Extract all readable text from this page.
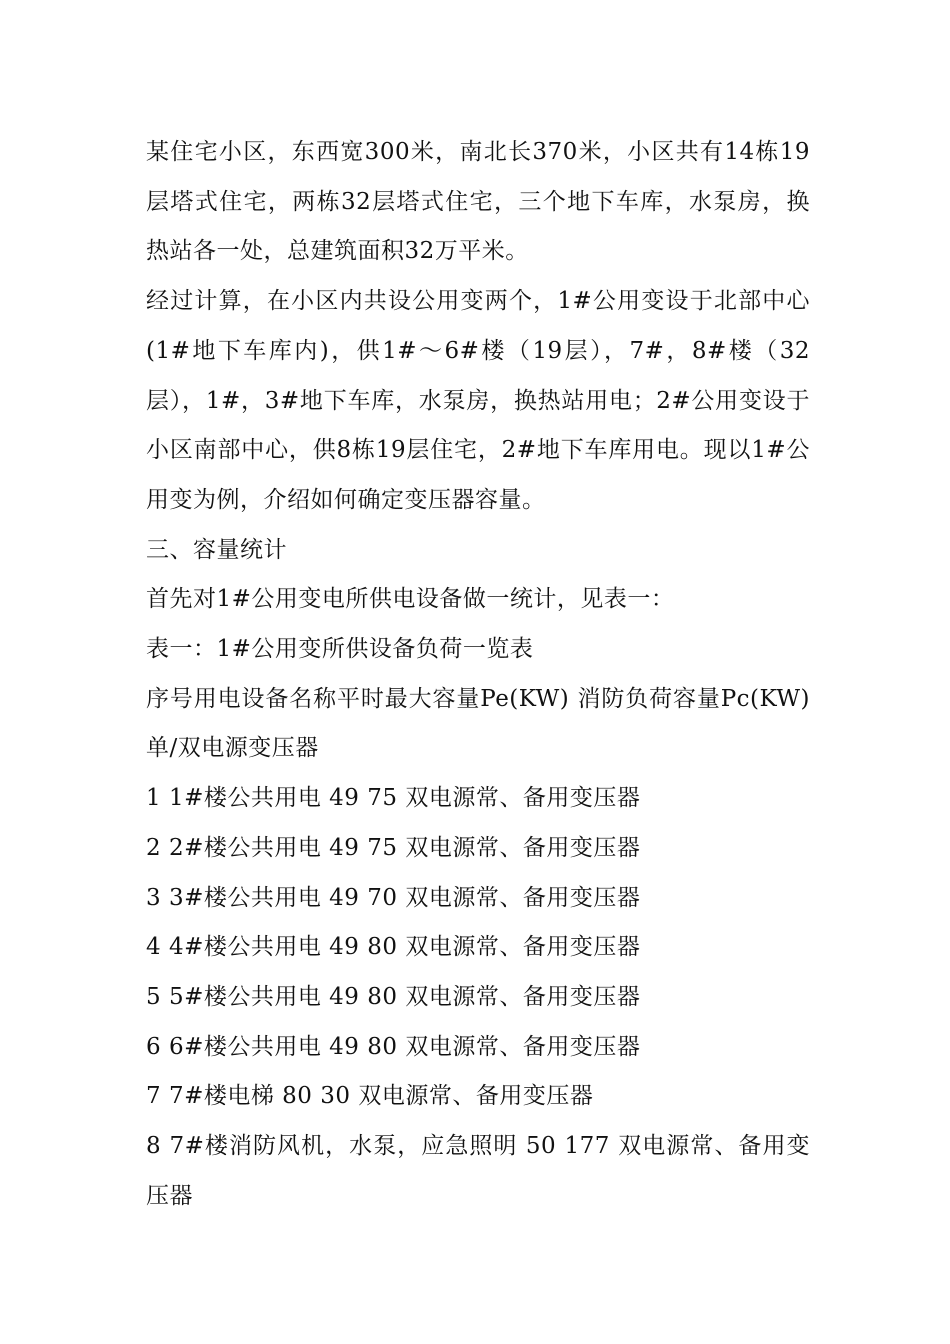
某住宅小区，东西宽300米，南北长370米，小区共有14栋19层塔式住宅，两栋32层塔式住宅，三个地下车库，水泵房，换热站各一处，总建筑面积32万平米。

经过计算，在小区内共设公用变两个，1#公用变设于北部中心(1#地下车库内)，供1#～6#楼（19层），7#，8#楼（32层），1#，3#地下车库，水泵房，换热站用电；2#公用变设于小区南部中心，供8栋19层住宅，2#地下车库用电。现以1#公用变为例，介绍如何确定变压器容量。

三、容量统计

首先对1#公用变电所供电设备做一统计，见表一：

表一：1#公用变所供设备负荷一览表

序号用电设备名称平时最大容量Pe(KW) 消防负荷容量Pc(KW) 单/双电源变压器

1 1#楼公共用电 49 75 双电源常、备用变压器

2 2#楼公共用电 49 75 双电源常、备用变压器

3 3#楼公共用电 49 70 双电源常、备用变压器

4 4#楼公共用电 49 80 双电源常、备用变压器

5 5#楼公共用电 49 80 双电源常、备用变压器

6 6#楼公共用电 49 80 双电源常、备用变压器

7 7#楼电梯 80 30 双电源常、备用变压器

8 7#楼消防风机，水泵，应急照明 50 177 双电源常、备用变压器
